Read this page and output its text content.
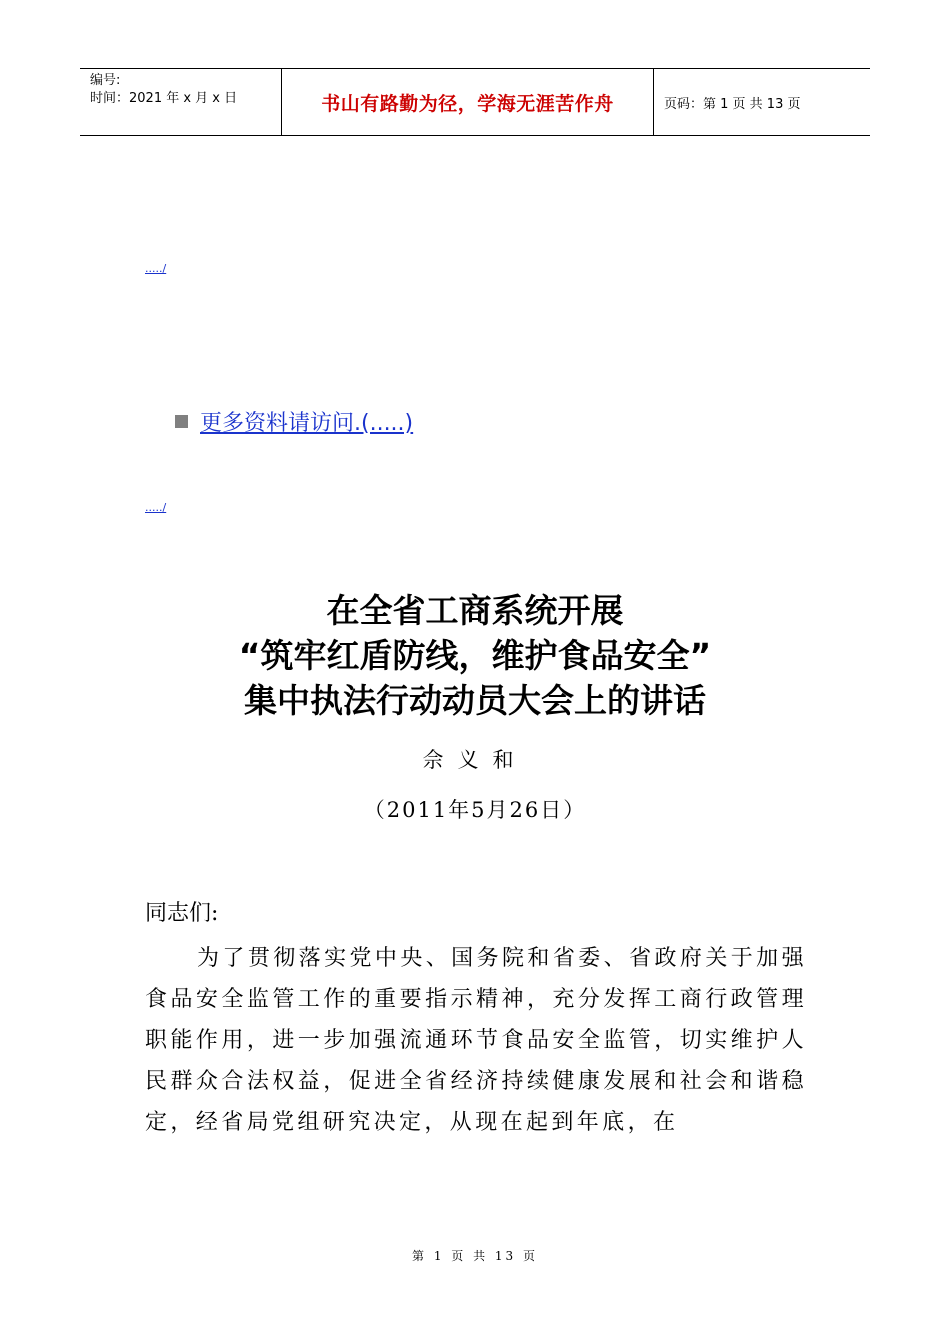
编号:
时间：2021 年 x 月 x 日	书山有路勤为径，学海无涯苦作舟	页码：第 1 页 共 13 页
...../
更多资料请访问.(.....)
...../
在全省工商系统开展
“筑牢红盾防线，维护食品安全”
集中执法行动动员大会上的讲话
佘义和
（2011年5月26日）
同志们:
为了贯彻落实党中央、国务院和省委、省政府关于加强食品安全监管工作的重要指示精神，充分发挥工商行政管理职能作用，进一步加强流通环节食品安全监管，切实维护人民群众合法权益，促进全省经济持续健康发展和社会和谐稳定，经省局党组研究决定，从现在起到年底，在
第 1 页 共 13 页
